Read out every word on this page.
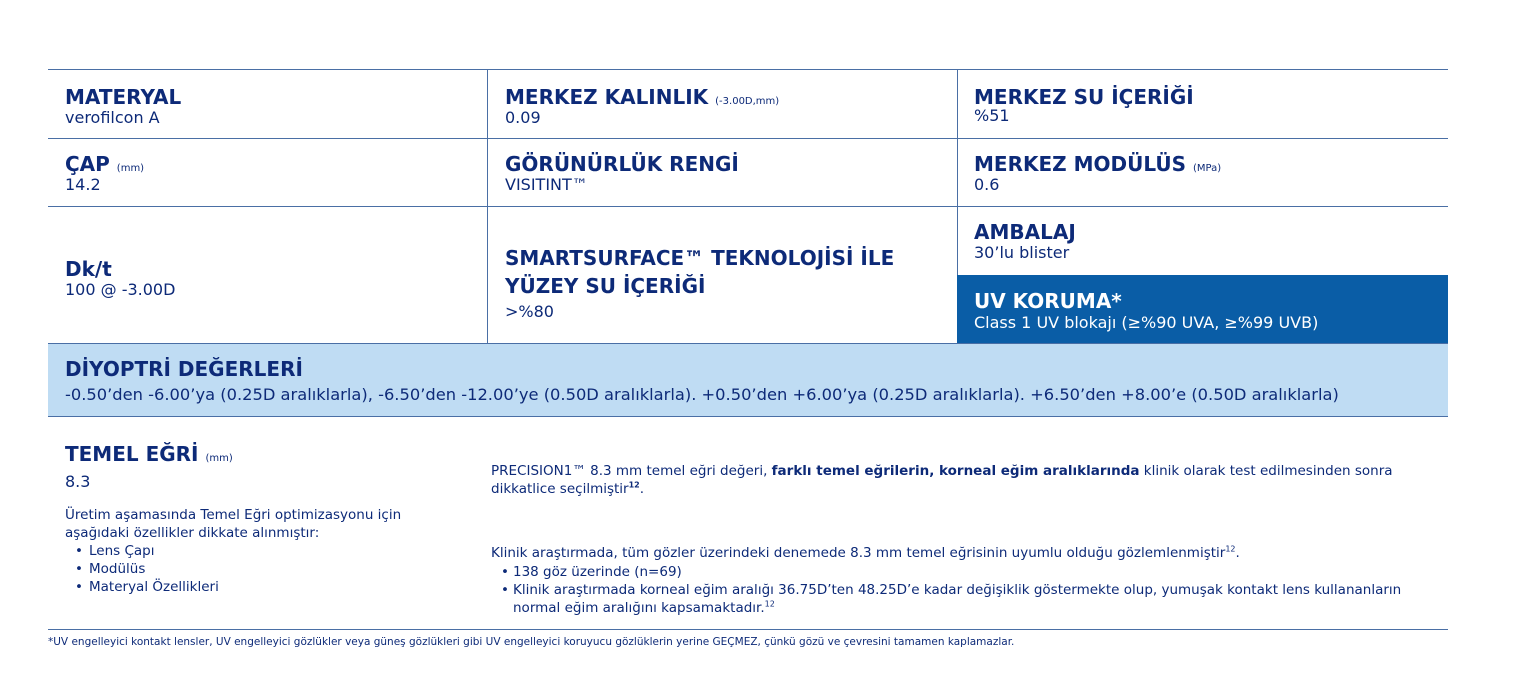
MATERYAL
verofilcon A
MERKEZ KALINLIK (-3.00D,mm)
0.09
MERKEZ SU İÇERİĞİ
%51
ÇAP (mm)
14.2
GÖRÜNÜRLÜK RENGİ
VISITINT™
MERKEZ MODÜLÜS (MPa)
0.6
Dk/t
100 @ -3.00D
SMARTSURFACE™ TEKNOLOJİSİ İLE
YÜZEY SU İÇERİĞİ
>%80
AMBALAJ
30’lu blister
UV KORUMA*
Class 1 UV blokajı (≥%90 UVA, ≥%99 UVB)
DİYOPTRİ DEĞERLERİ
-0.50’den -6.00’ya (0.25D aralıklarla), -6.50’den -12.00’ye (0.50D aralıklarla). +0.50’den +6.00’ya (0.25D aralıklarla). +6.50’den +8.00’e (0.50D aralıklarla)
TEMEL EĞRİ (mm)
8.3
Üretim aşamasında Temel Eğri optimizasyonu için
aşağıdaki özellikler dikkate alınmıştır:
• Lens Çapı
• Modülüs
• Materyal Özellikleri
PRECISION1™ 8.3 mm temel eğri değeri, farklı temel eğrilerin, korneal eğim aralıklarında klinik olarak test edilmesinden sonra
dikkatlice seçilmiştir$^{12}$.
Klinik araştırmada, tüm gözler üzerindeki denemede 8.3 mm temel eğrisinin uyumlu olduğu gözlemlenmiştir$^{12}$.
• 138 göz üzerinde (n=69)
• Klinik araştırmada korneal eğim aralığı 36.75D’ten 48.25D’e kadar değişiklik göstermekte olup, yumuşak kontakt lens kullananların
normal eğim aralığını kapsamaktadır.$^{12}$
*UV engelleyici kontakt lensler, UV engelleyici gözlükler veya güneş gözlükleri gibi UV engelleyici koruyucu gözlüklerin yerine GEÇMEZ, çünkü gözü ve çevresini tamamen kaplamazlar.
